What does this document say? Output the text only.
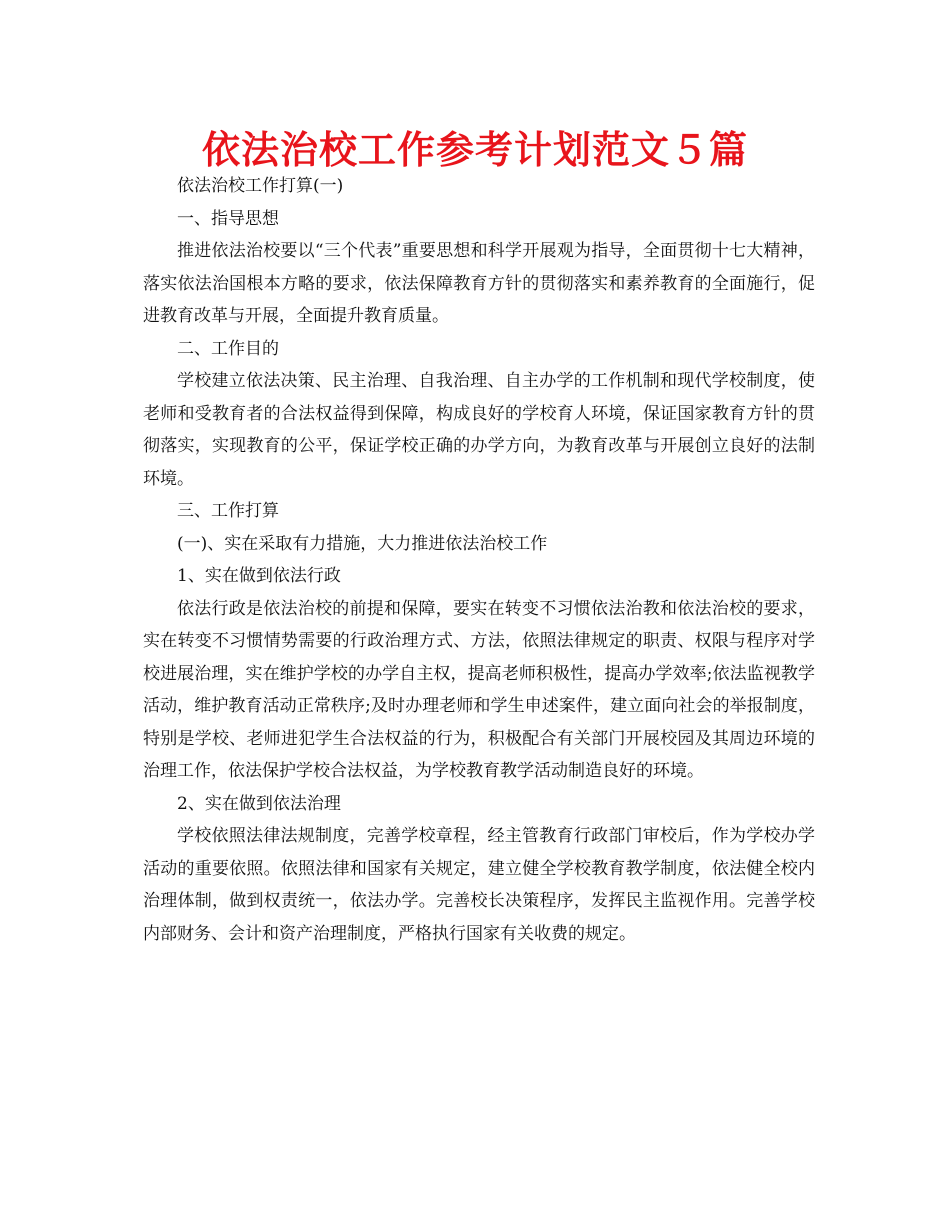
依法治校工作参考计划范文５篇

依法治校工作打算(一)

一、指导思想

推进依法治校要以“三个代表”重要思想和科学开展观为指导，全面贯彻十七大精神，落实依法治国根本方略的要求，依法保障教育方针的贯彻落实和素养教育的全面施行，促进教育改革与开展，全面提升教育质量。

二、工作目的

学校建立依法决策、民主治理、自我治理、自主办学的工作机制和现代学校制度，使老师和受教育者的合法权益得到保障，构成良好的学校育人环境，保证国家教育方针的贯彻落实，实现教育的公平，保证学校正确的办学方向，为教育改革与开展创立良好的法制环境。

三、工作打算

(一)、实在采取有力措施，大力推进依法治校工作

1、实在做到依法行政

依法行政是依法治校的前提和保障，要实在转变不习惯依法治教和依法治校的要求，实在转变不习惯情势需要的行政治理方式、方法，依照法律规定的职责、权限与程序对学校进展治理，实在维护学校的办学自主权，提高老师积极性，提高办学效率;依法监视教学活动，维护教育活动正常秩序;及时办理老师和学生申述案件，建立面向社会的举报制度，特别是学校、老师进犯学生合法权益的行为，积极配合有关部门开展校园及其周边环境的治理工作，依法保护学校合法权益，为学校教育教学活动制造良好的环境。

2、实在做到依法治理

学校依照法律法规制度，完善学校章程，经主管教育行政部门审校后，作为学校办学活动的重要依照。依照法律和国家有关规定，建立健全学校教育教学制度，依法健全校内治理体制，做到权责统一，依法办学。完善校长决策程序，发挥民主监视作用。完善学校内部财务、会计和资产治理制度，严格执行国家有关收费的规定。
